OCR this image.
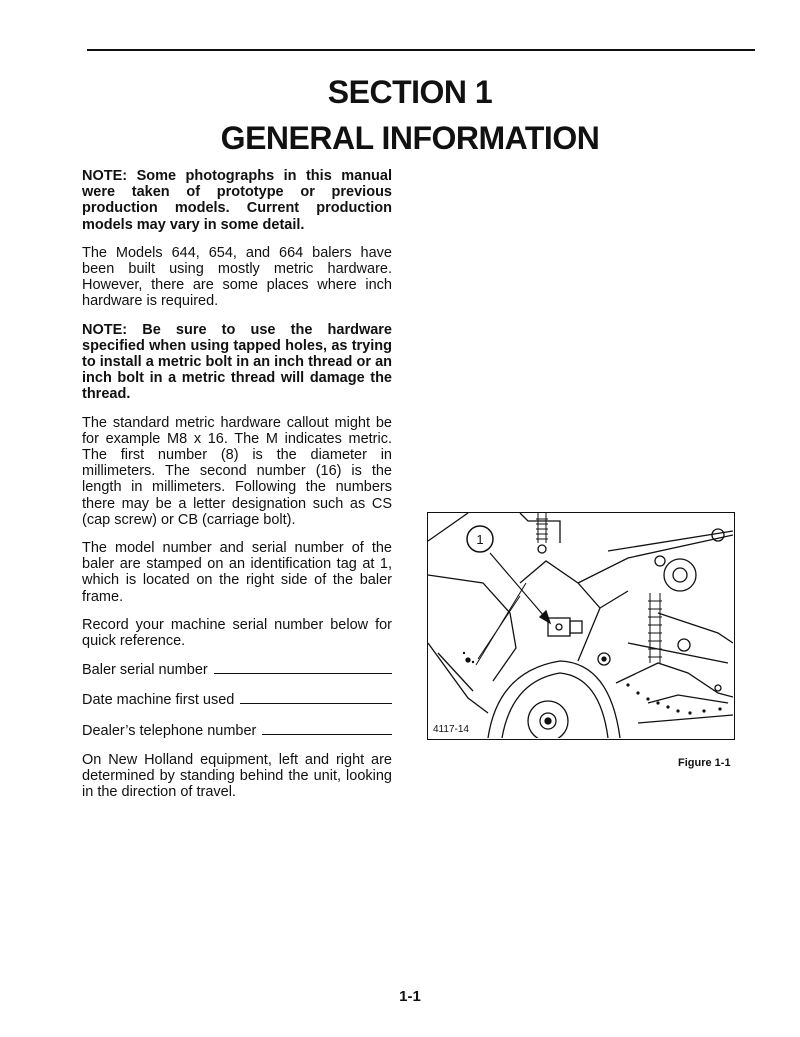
SECTION 1
GENERAL INFORMATION

NOTE: Some photographs in this manual were taken of prototype or previous production models. Current production models may vary in some detail.

The Models 644, 654, and 664 balers have been built using mostly metric hardware. However, there are some places where inch hardware is required.

NOTE: Be sure to use the hardware specified when using tapped holes, as trying to install a metric bolt in an inch thread or an inch bolt in a metric thread will damage the thread.

The standard metric hardware callout might be for example M8 x 16. The M indicates metric. The first number (8) is the diameter in millimeters. The second number (16) is the length in millimeters. Following the numbers there may be a letter designation such as CS (cap screw) or CB (carriage bolt).

The model number and serial number of the baler are stamped on an identification tag at 1, which is located on the right side of the baler frame.

Record your machine serial number below for quick reference.

Baler serial number
Date machine first used
Dealer’s telephone number

On New Holland equipment, left and right are determined by standing behind the unit, looking in the direction of travel.

1
4117-14
Figure 1-1
1-1
